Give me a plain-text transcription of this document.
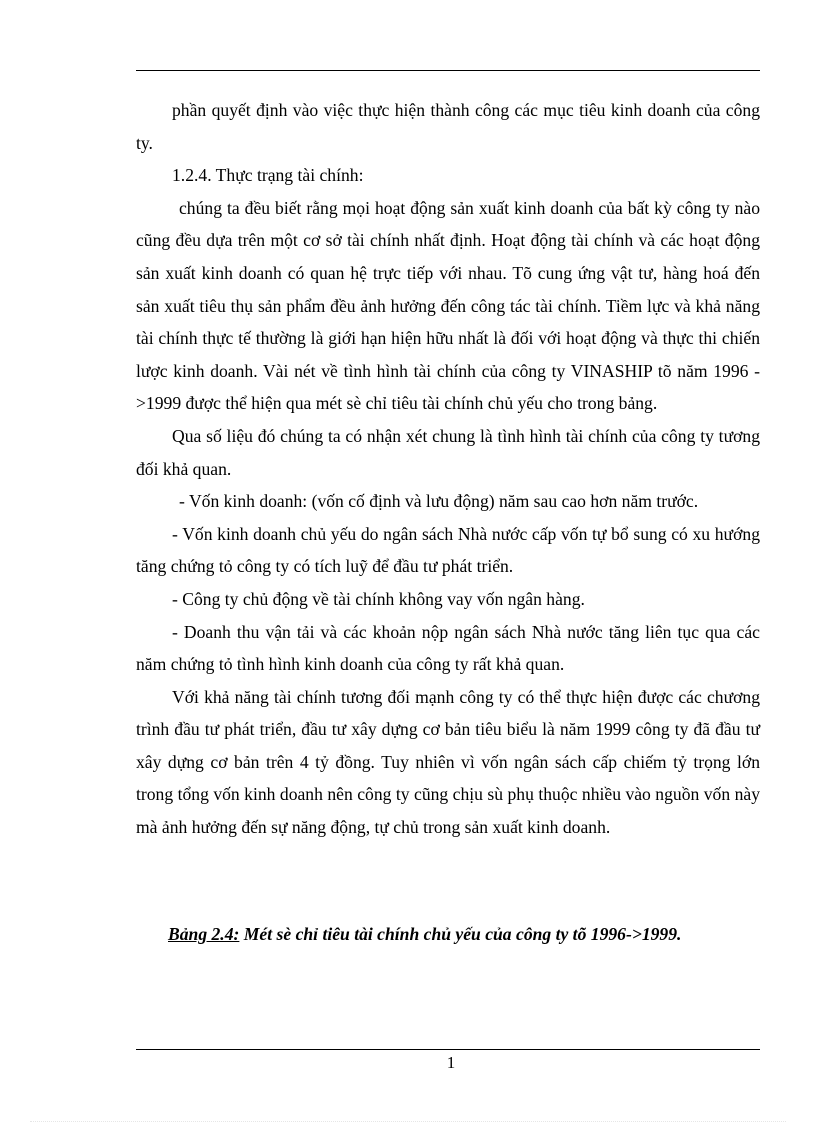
phần quyết định vào việc thực hiện thành công các mục tiêu kinh doanh của công ty.

1.2.4. Thực trạng tài chính:

chúng ta đều biết rằng mọi hoạt động sản xuất kinh doanh của bất kỳ công ty nào cũng đều dựa trên một cơ sở tài chính nhất định. Hoạt động tài chính và các hoạt động sản xuất kinh doanh có quan hệ trực tiếp với nhau. Tõ cung ứng vật tư, hàng hoá đến sản xuất tiêu thụ sản phẩm đều ảnh hưởng đến công tác tài chính. Tiềm lực và khả năng tài chính thực tế thường là giới hạn hiện hữu nhất là đối với hoạt động và thực thi chiến lược kinh doanh. Vài nét về tình hình tài chính của công ty VINASHIP tõ năm 1996 - >1999 được thể hiện qua mét sè chỉ tiêu tài chính chủ yếu cho trong bảng.

Qua số liệu đó chúng ta có nhận xét chung là tình hình tài chính của công ty tương đối khả quan.

- Vốn kinh doanh: (vốn cố định và lưu động) năm sau cao hơn năm trước.

- Vốn kinh doanh chủ yếu do ngân sách Nhà nước cấp vốn tự bổ sung có xu hướng tăng chứng tỏ công ty có tích luỹ để đầu tư phát triển.

- Công ty chủ động về tài chính không vay vốn ngân hàng.

- Doanh thu vận tải và các khoản nộp ngân sách Nhà nước tăng liên tục qua các năm chứng tỏ tình hình kinh doanh của công ty rất khả quan.

Với khả năng tài chính tương đối mạnh công ty có thể thực hiện được các chương trình đầu tư phát triển, đầu tư xây dựng cơ bản tiêu biểu là năm 1999 công ty đã đầu tư xây dựng cơ bản trên 4 tỷ đồng. Tuy nhiên vì vốn ngân sách cấp chiếm tỷ trọng lớn trong tổng vốn kinh doanh nên công ty cũng chịu sù phụ thuộc nhiều vào nguồn vốn này mà ảnh hưởng đến sự năng động, tự chủ trong sản xuất kinh doanh.

Bảng 2.4: Mét sè chỉ tiêu tài chính chủ yếu của công ty tõ 1996->1999.
1
